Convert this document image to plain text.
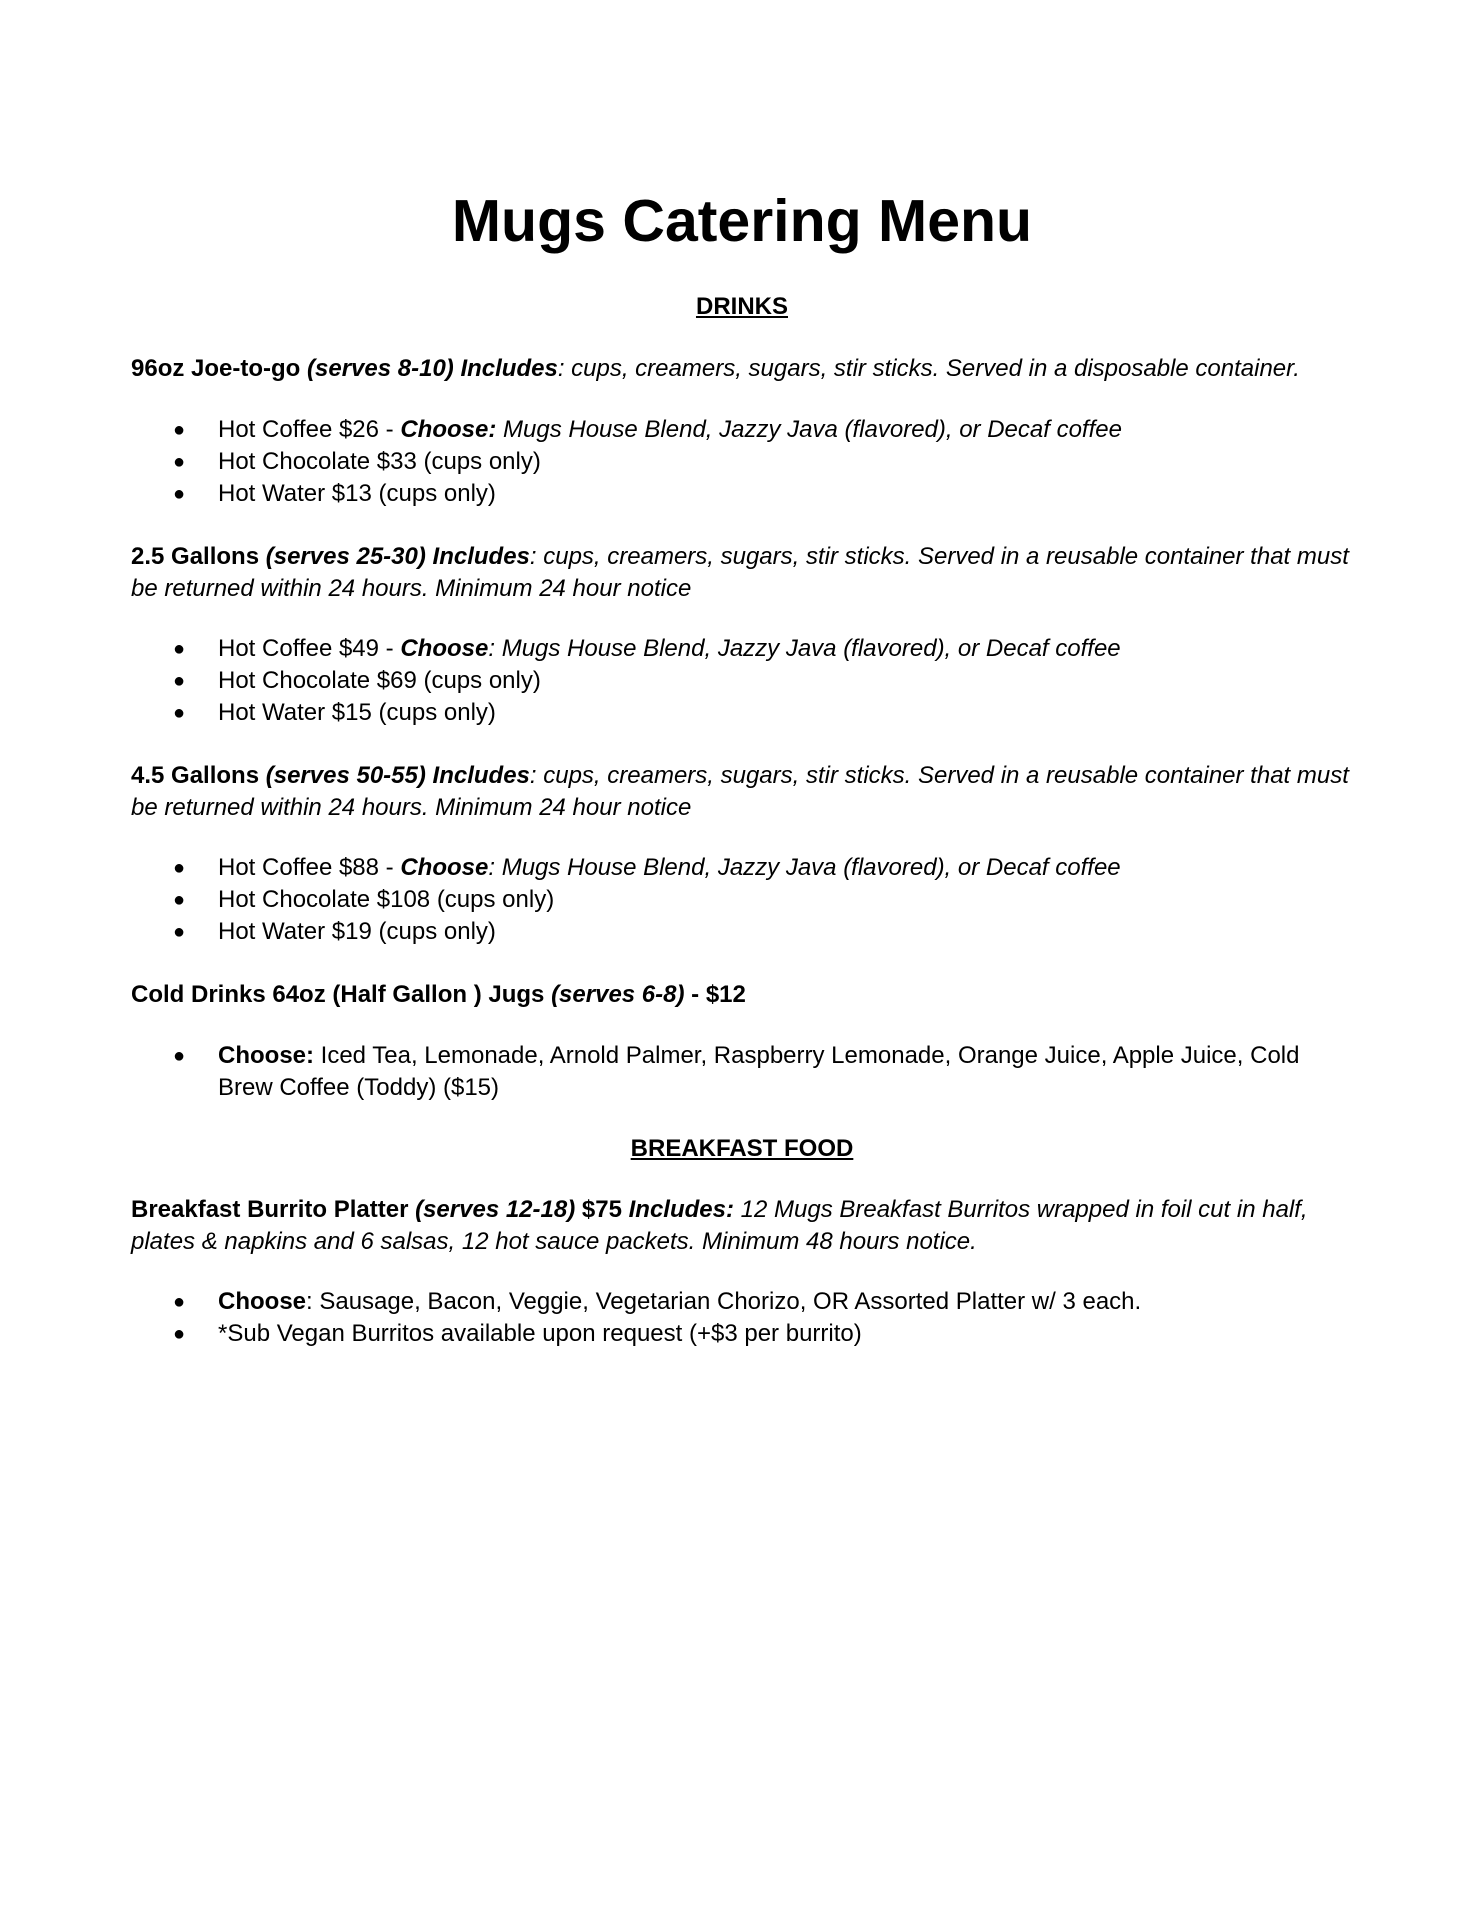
Mugs Catering Menu
DRINKS

96oz Joe-to-go (serves 8-10) Includes: cups, creamers, sugars, stir sticks. Served in a disposable container.

● Hot Coffee $26 - Choose: Mugs House Blend, Jazzy Java (flavored), or Decaf coffee
● Hot Chocolate $33 (cups only)
● Hot Water $13 (cups only)

2.5 Gallons (serves 25-30) Includes: cups, creamers, sugars, stir sticks. Served in a reusable container that must be returned within 24 hours. Minimum 24 hour notice

● Hot Coffee $49 - Choose: Mugs House Blend, Jazzy Java (flavored), or Decaf coffee
● Hot Chocolate $69 (cups only)
● Hot Water $15 (cups only)

4.5 Gallons (serves 50-55) Includes: cups, creamers, sugars, stir sticks. Served in a reusable container that must be returned within 24 hours. Minimum 24 hour notice

● Hot Coffee $88 - Choose: Mugs House Blend, Jazzy Java (flavored), or Decaf coffee
● Hot Chocolate $108 (cups only)
● Hot Water $19 (cups only)

Cold Drinks 64oz (Half Gallon ) Jugs (serves 6-8) - $12

● Choose: Iced Tea, Lemonade, Arnold Palmer, Raspberry Lemonade, Orange Juice, Apple Juice, Cold Brew Coffee (Toddy) ($15)
BREAKFAST FOOD

Breakfast Burrito Platter (serves 12-18) $75 Includes: 12 Mugs Breakfast Burritos wrapped in foil cut in half, plates & napkins and 6 salsas, 12 hot sauce packets. Minimum 48 hours notice.

● Choose: Sausage, Bacon, Veggie, Vegetarian Chorizo, OR Assorted Platter w/ 3 each.
● *Sub Vegan Burritos available upon request (+$3 per burrito)
